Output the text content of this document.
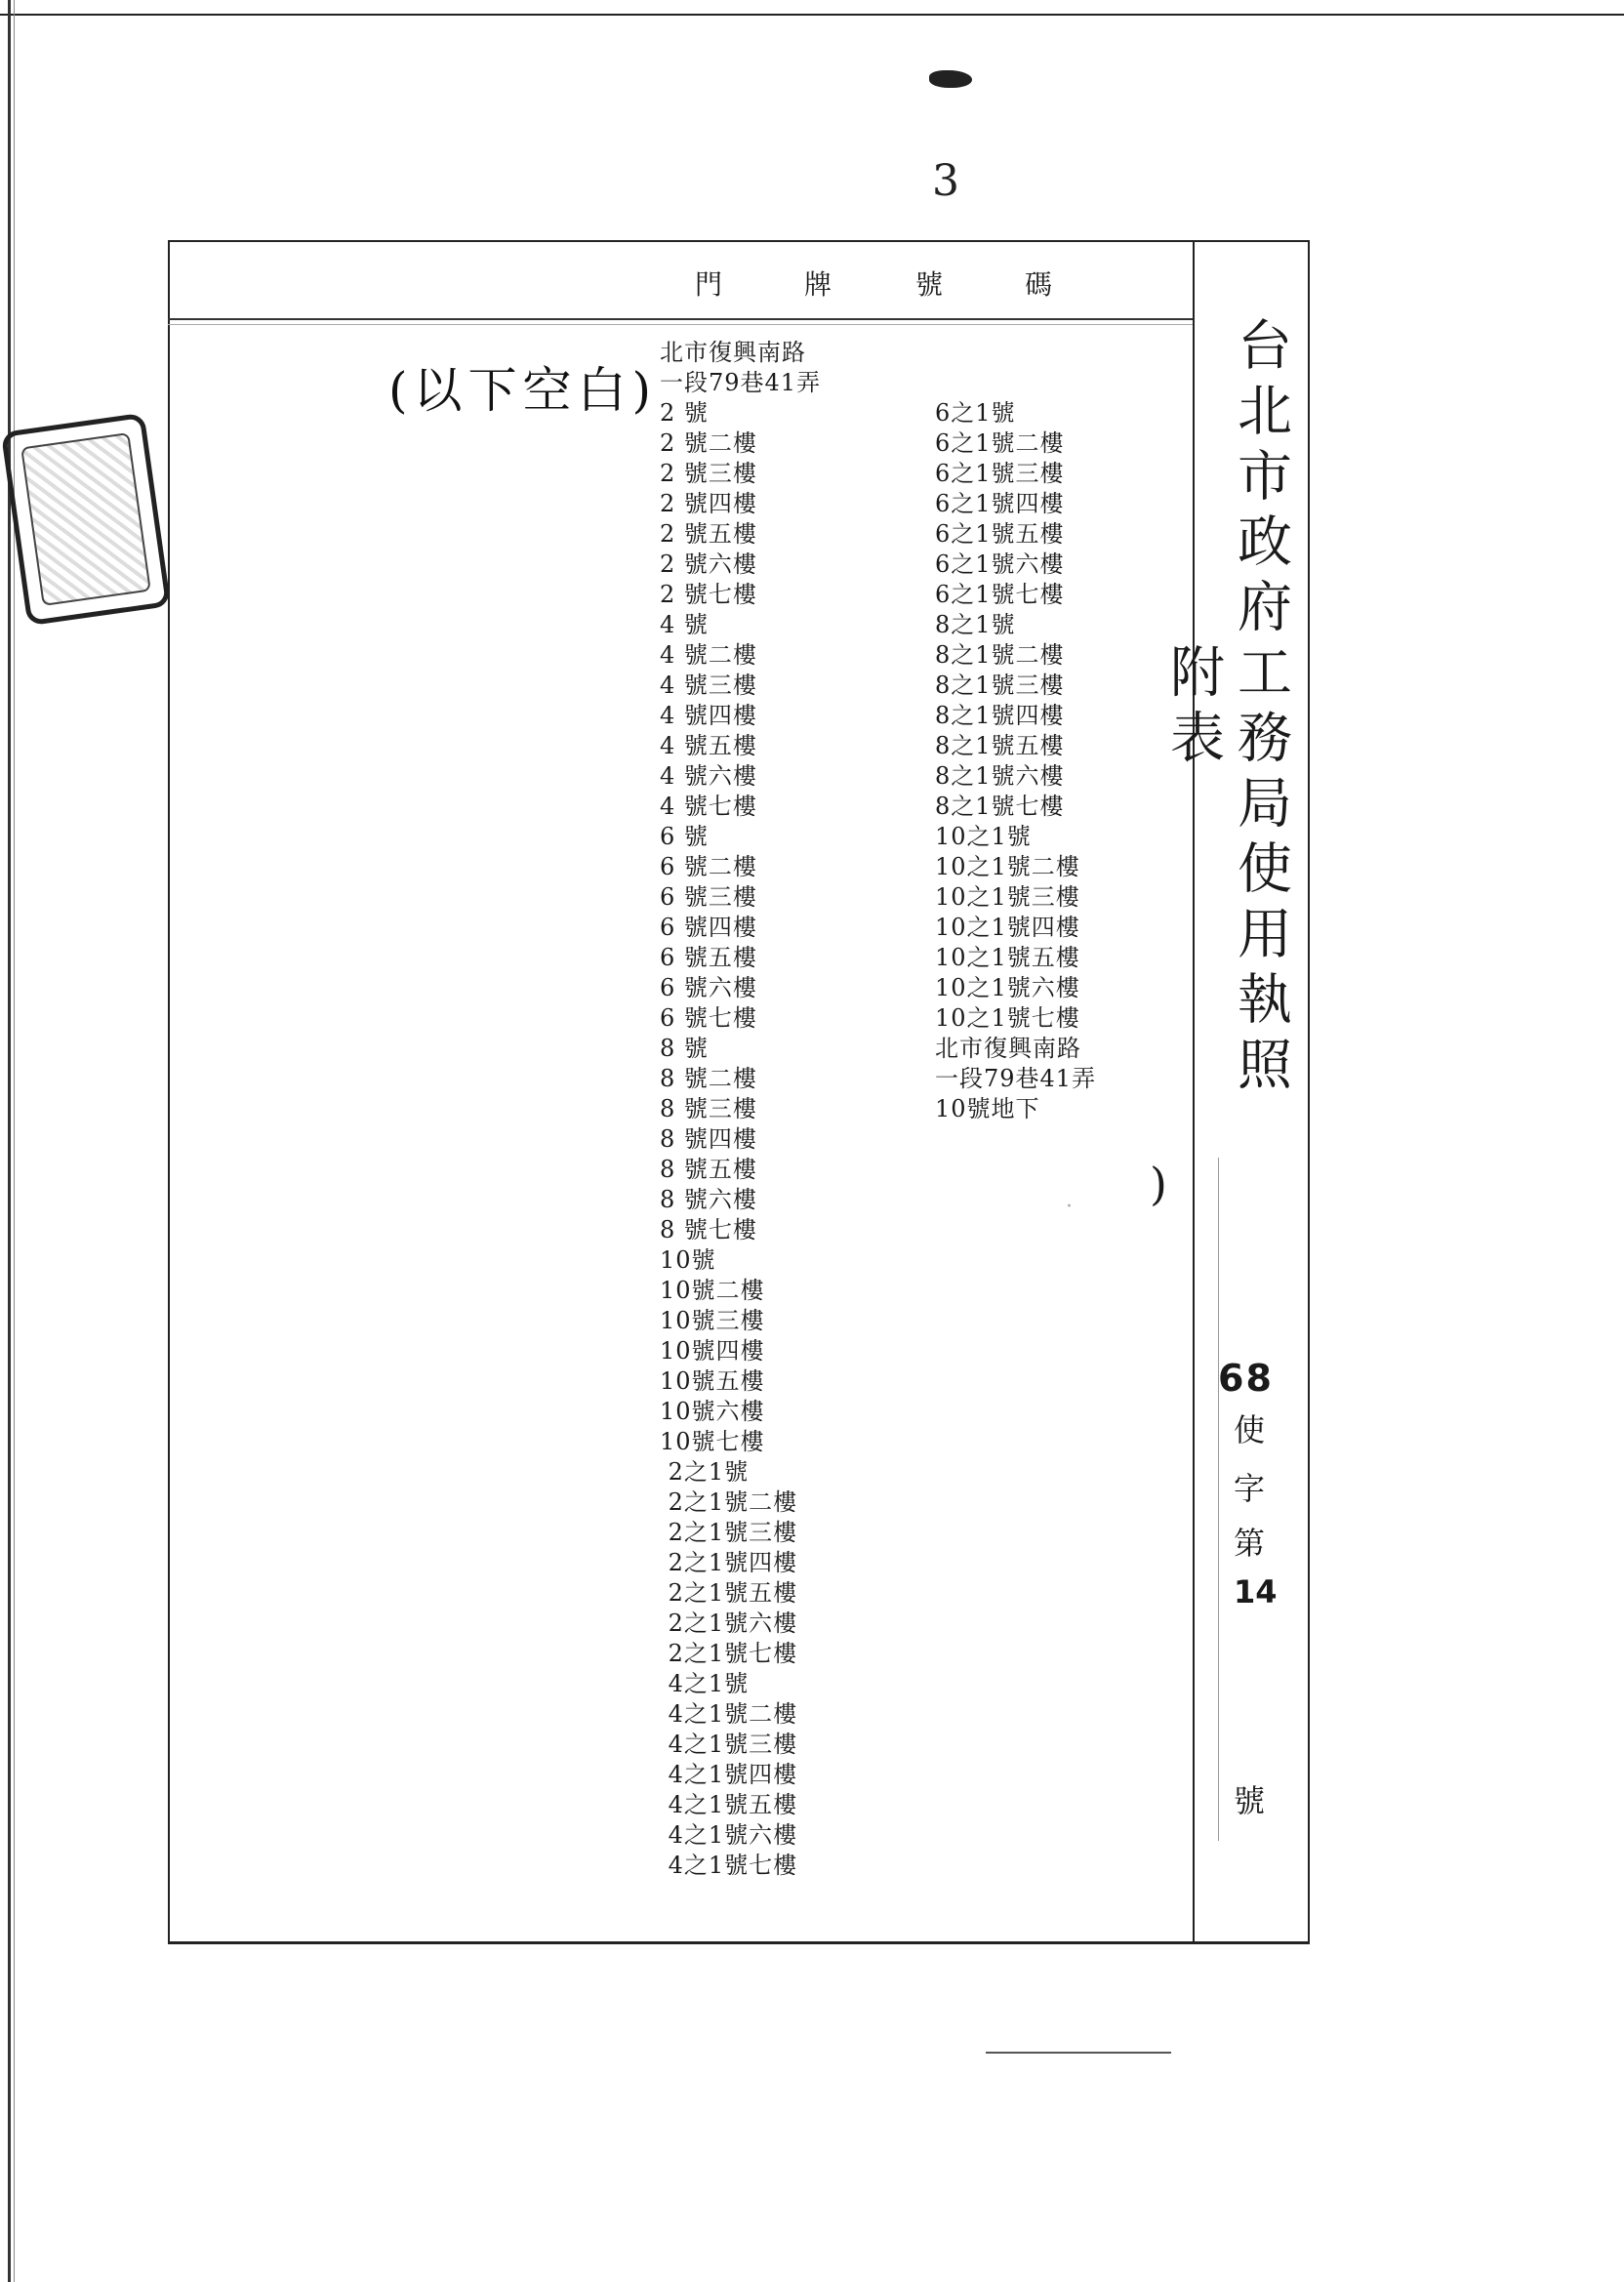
3
門	牌	號	碼
(以下空白)
北市復興南路
一段79巷41弄
2 號
2 號二樓
2 號三樓
2 號四樓
2 號五樓
2 號六樓
2 號七樓
4 號
4 號二樓
4 號三樓
4 號四樓
4 號五樓
4 號六樓
4 號七樓
6 號
6 號二樓
6 號三樓
6 號四樓
6 號五樓
6 號六樓
6 號七樓
8 號
8 號二樓
8 號三樓
8 號四樓
8 號五樓
8 號六樓
8 號七樓
10號
10號二樓
10號三樓
10號四樓
10號五樓
10號六樓
10號七樓
2之1號
2之1號二樓
2之1號三樓
2之1號四樓
2之1號五樓
2之1號六樓
2之1號七樓
4之1號
4之1號二樓
4之1號三樓
4之1號四樓
4之1號五樓
4之1號六樓
4之1號七樓
6之1號
6之1號二樓
6之1號三樓
6之1號四樓
6之1號五樓
6之1號六樓
6之1號七樓
8之1號
8之1號二樓
8之1號三樓
8之1號四樓
8之1號五樓
8之1號六樓
8之1號七樓
10之1號
10之1號二樓
10之1號三樓
10之1號四樓
10之1號五樓
10之1號六樓
10之1號七樓
北市復興南路
一段79巷41弄
10號地下
)
·
台北市政府工務局使用執照附表
68
使
字
第
14
號
